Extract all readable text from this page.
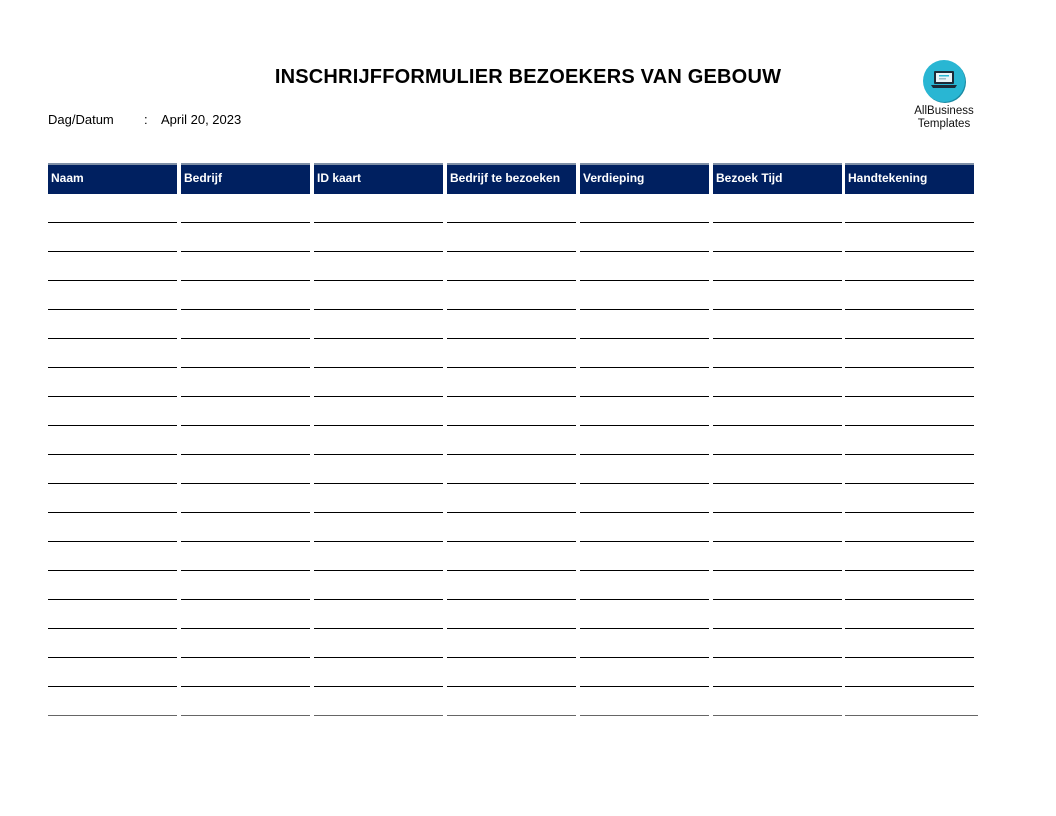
INSCHRIJFFORMULIER BEZOEKERS VAN GEBOUW
Dag/Datum : April 20, 2023
AllBusiness
Templates
Naam	Bedrijf	ID kaart	Bedrijf te bezoeken	Verdieping	Bezoek Tijd	Handtekening
